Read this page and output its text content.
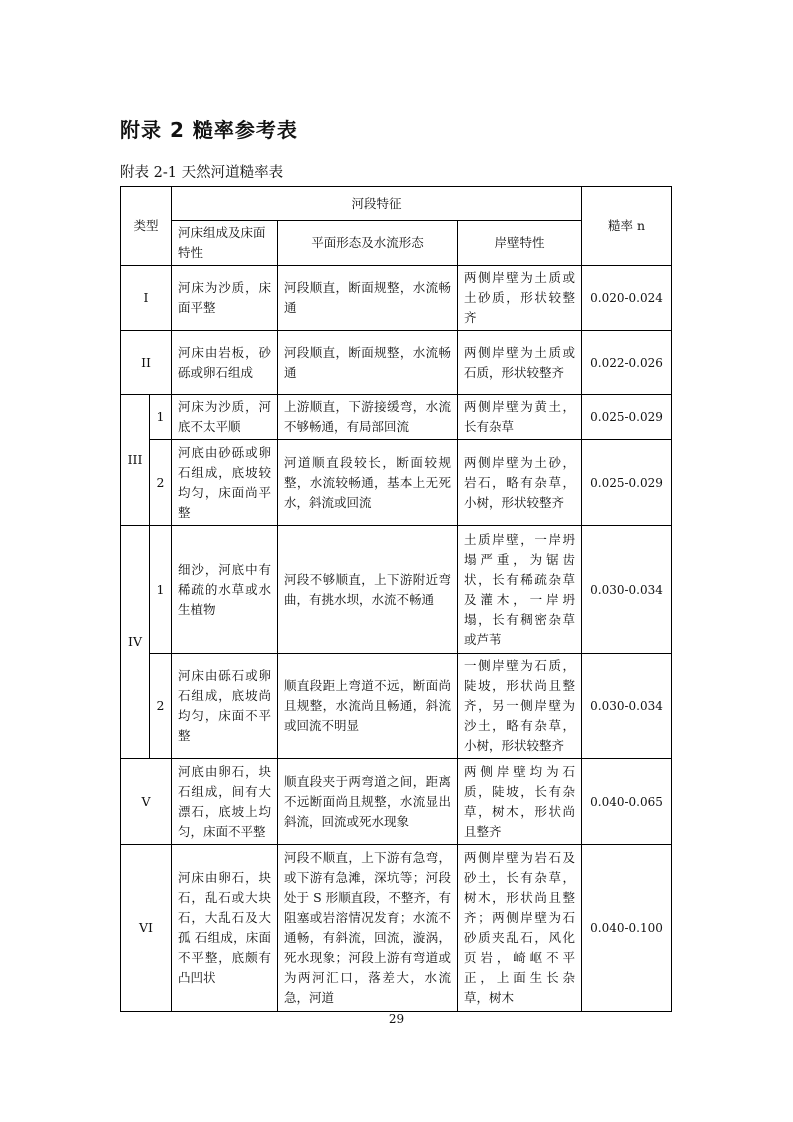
附录 2 糙率参考表

附表 2-1 天然河道糙率表

类型		河段特征			糙率 n
		河床组成及床面特性	平面形态及水流形态	岸壁特性	
I		河床为沙质，床面平整	河段顺直，断面规整，水流畅通	两侧岸壁为土质或土砂质，形状较整齐	0.020-0.024
II		河床由岩板，砂砾或卵石组成	河段顺直，断面规整，水流畅通	两侧岸壁为土质或石质，形状较整齐	0.022-0.026
III	1	河床为沙质，河底不太平顺	上游顺直，下游接缓弯，水流不够畅通，有局部回流	两侧岸壁为黄土，长有杂草	0.025-0.029
	2	河底由砂砾或卵石组成，底坡较均匀，床面尚平整	河道顺直段较长，断面较规整，水流较畅通，基本上无死水，斜流或回流	两侧岸壁为土砂，岩石，略有杂草，小树，形状较整齐	0.025-0.029
IV	1	细沙，河底中有稀疏的水草或水生植物	河段不够顺直，上下游附近弯曲，有挑水坝，水流不畅通	土质岸壁，一岸坍塌严重，为锯齿状，长有稀疏杂草及灌木，一岸坍塌，长有稠密杂草或芦苇	0.030-0.034
	2	河床由砾石或卵石组成，底坡尚均匀，床面不平整	顺直段距上弯道不远，断面尚且规整，水流尚且畅通，斜流或回流不明显	一侧岸壁为石质，陡坡，形状尚且整齐，另一侧岸壁为沙土，略有杂草，小树，形状较整齐	0.030-0.034
V		河底由卵石，块石组成，间有大漂石，底坡上均匀，床面不平整	顺直段夹于两弯道之间，距离不远断面尚且规整，水流显出斜流，回流或死水现象	两侧岸壁均为石质，陡坡，长有杂草，树木，形状尚且整齐	0.040-0.065
VI		河床由卵石，块石，乱石或大块石，大乱石及大孤 石组成，床面不平整，底颇有凸凹状	河段不顺直，上下游有急弯，或下游有急滩，深坑等；河段处于 S 形顺直段，不整齐，有阻塞或岩溶情况发育；水流不通畅，有斜流，回流，漩涡，死水现象；河段上游有弯道或为两河汇口，落差大，水流急，河道	两侧岸壁为岩石及砂土，长有杂草，树木，形状尚且整齐；两侧岸壁为石砂质夹乱石，风化页岩，崎岖不平正，上面生长杂草，树木	0.040-0.100

29
